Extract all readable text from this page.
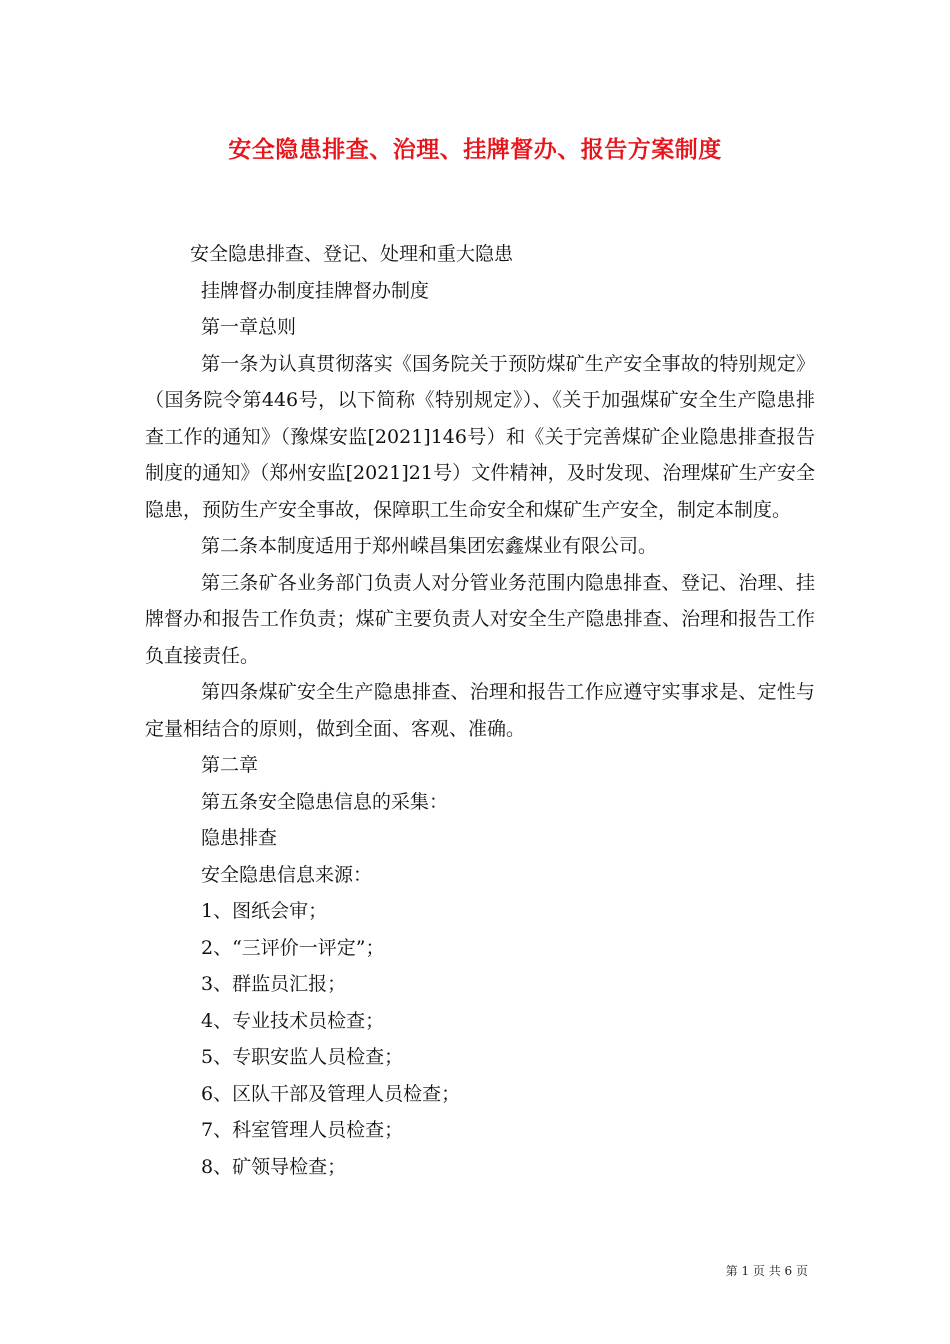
安全隐患排查、治理、挂牌督办、报告方案制度

安全隐患排查、登记、处理和重大隐患

挂牌督办制度挂牌督办制度

第一章总则

第一条为认真贯彻落实《国务院关于预防煤矿生产安全事故的特别规定》（国务院令第446号，以下简称《特别规定》）、《关于加强煤矿安全生产隐患排查工作的通知》（豫煤安监[2021]146号）和《关于完善煤矿企业隐患排查报告制度的通知》（郑州安监[2021]21号）文件精神，及时发现、治理煤矿生产安全隐患，预防生产安全事故，保障职工生命安全和煤矿生产安全，制定本制度。

第二条本制度适用于郑州嵘昌集团宏鑫煤业有限公司。

第三条矿各业务部门负责人对分管业务范围内隐患排查、登记、治理、挂牌督办和报告工作负责；煤矿主要负责人对安全生产隐患排查、治理和报告工作负直接责任。

第四条煤矿安全生产隐患排查、治理和报告工作应遵守实事求是、定性与定量相结合的原则，做到全面、客观、准确。

第二章

第五条安全隐患信息的采集：

隐患排查

安全隐患信息来源：

1、图纸会审；

2、“三评价一评定”；

3、群监员汇报；

4、专业技术员检查；

5、专职安监人员检查；

6、区队干部及管理人员检查；

7、科室管理人员检查；

8、矿领导检查；

第 1 页 共 6 页
